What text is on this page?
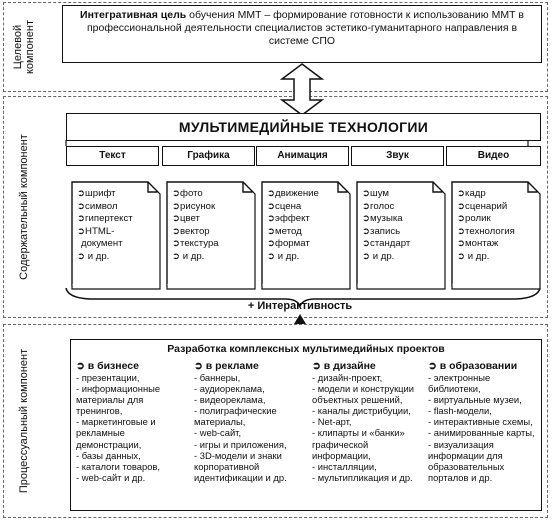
Целевой компонент
Содержательный компонент
Процессуальный компонент
Интегративная цель обучения ММТ – формирование готовности к использованию ММТ в профессиональной деятельности специалистов эстетико-гуманитарного направления в системе СПО
МУЛЬТИМЕДИЙНЫЕ ТЕХНОЛОГИИ
Текст	Графика	Анимация	Звук	Видео
➲шрифт
➲символ
➲гипертекст
➲HTML-
документ
➲ и др.
➲фото
➲рисунок
➲цвет
➲вектор
➲текстура
➲ и др.
➲движение
➲сцена
➲эффект
➲метод
➲формат
➲ и др.
➲шум
➲голос
➲музыка
➲запись
➲стандарт
➲ и др.
➲кадр
➲сценарий
➲ролик
➲технология
➲монтаж
➲ и др.
+ Интерактивность
Разработка комплексных мультимедийных проектов
➲ в бизнесе
- презентации,
- информационные
материалы для
тренингов,
- маркетинговые и
рекламные
демонстрации,
- базы данных,
- каталоги товаров,
- web-сайт и др.
➲ в рекламе
- баннеры,
- аудиореклама,
- видеореклама,
- полиграфические
материалы,
- web-сайт,
- игры и приложения,
- 3D-модели и знаки
корпоративной
идентификации и др.
➲ в дизайне
- дизайн-проект,
- модели и конструкции
объектных решений,
- каналы дистрибуции,
- Net-арт,
- клипарты и «банки»
графической
информации,
- инсталляции,
- мультипликация и др.
➲ в образовании
- электронные
библиотеки,
- виртуальные музеи,
- flash-модели,
- интерактивные схемы,
- анимированные карты,
- визуализация
информации для
образовательных
порталов и др.
